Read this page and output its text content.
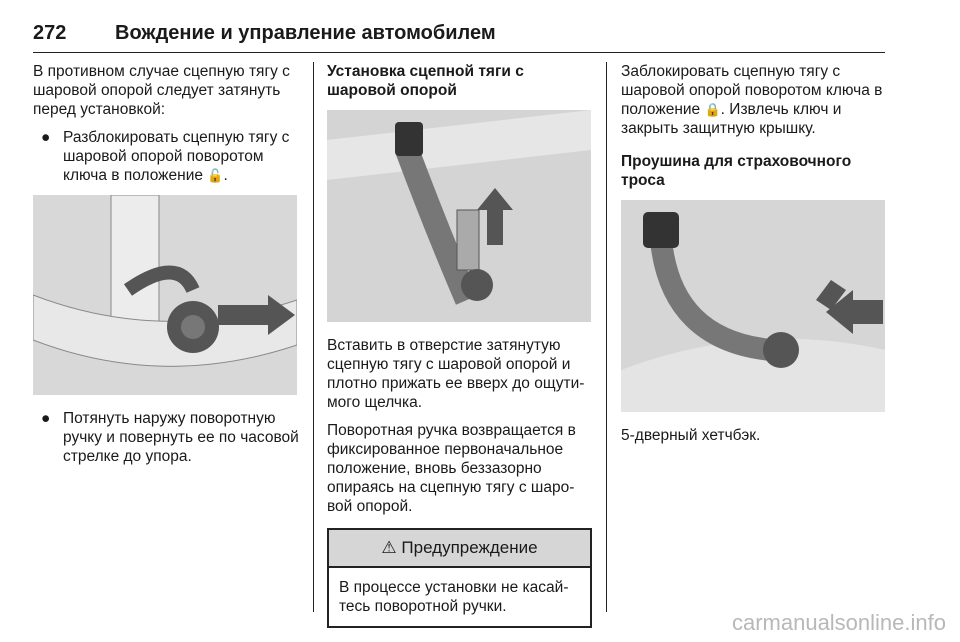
272 Вождение и управление автомобилем

В противном случае сцепную тягу с шаровой опорой следует затянуть перед установкой:

● Разблокировать сцепную тягу с шаровой опорой поворотом ключа в положение 🔓.
● Потянуть наружу поворотную ручку и повернуть ее по часовой стрелке до упора.
Установка сцепной тяги с шаровой опорой

Вставить в отверстие затянутую сцепную тягу с шаровой опорой и плотно прижать ее вверх до ощутимого щелчка.

Поворотная ручка возвращается в фиксированное первоначальное положение, вновь беззазорно опираясь на сцепную тягу с шаровой опорой.

⚠ Предупреждение
В процессе установки не касайтесь поворотной ручки.

Заблокировать сцепную тягу с шаровой опорой поворотом ключа в положение 🔒. Извлечь ключ и закрыть защитную крышку.

Проушина для страховочного троса

5-дверный хетчбэк.

carmanualsonline.info
